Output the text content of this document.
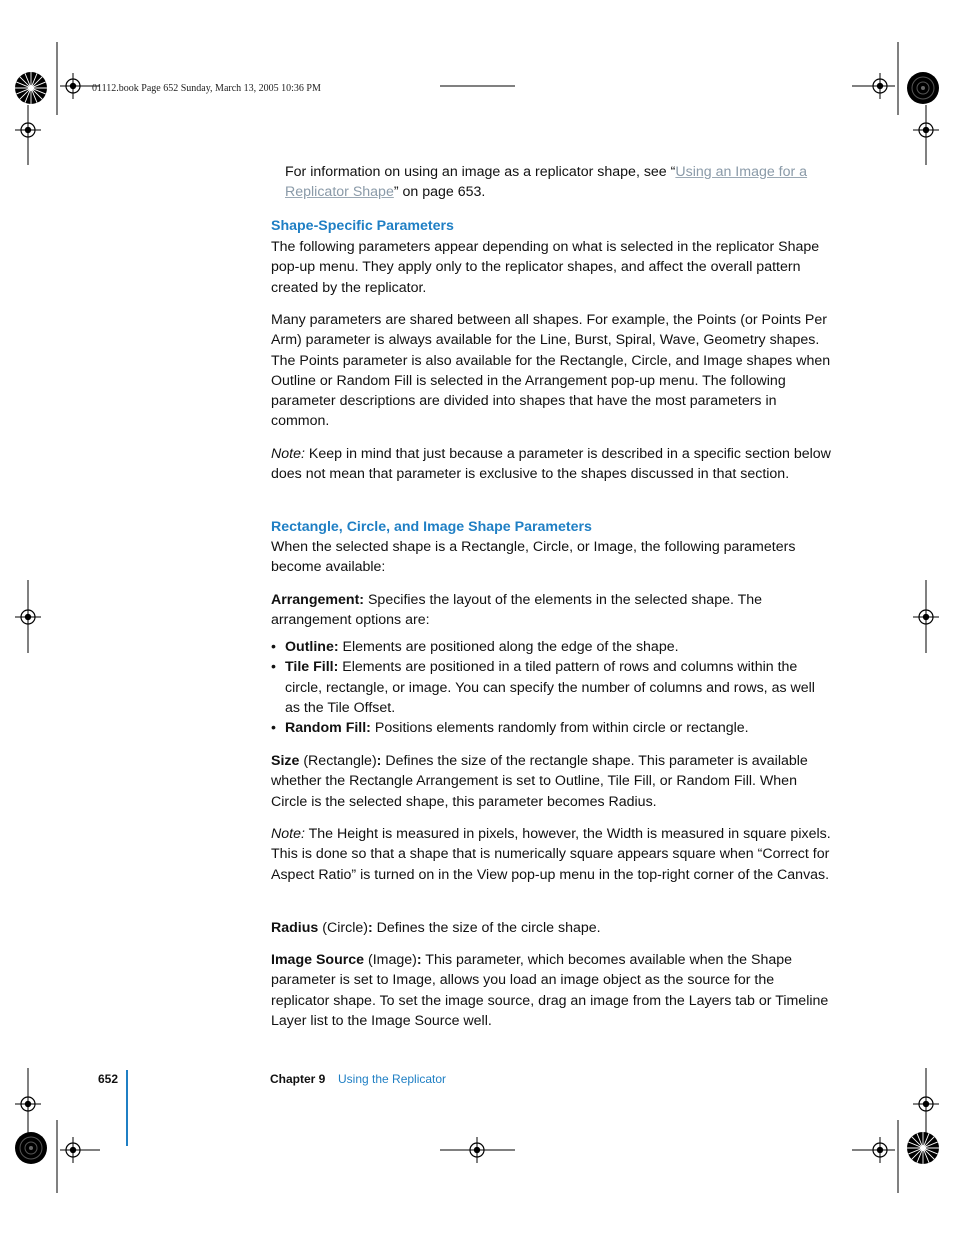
01112.book Page 652 Sunday, March 13, 2005 10:36 PM

For information on using an image as a replicator shape, see “Using an Image for a
Replicator Shape” on page 653.

Shape-Specific Parameters

The following parameters appear depending on what is selected in the replicator Shape pop-up menu. They apply only to the replicator shapes, and affect the overall pattern created by the replicator.

Many parameters are shared between all shapes. For example, the Points (or Points Per Arm) parameter is always available for the Line, Burst, Spiral, Wave, Geometry shapes. The Points parameter is also available for the Rectangle, Circle, and Image shapes when Outline or Random Fill is selected in the Arrangement pop-up menu. The following parameter descriptions are divided into shapes that have the most parameters in common.

Note: Keep in mind that just because a parameter is described in a specific section below does not mean that parameter is exclusive to the shapes discussed in that section.

Rectangle, Circle, and Image Shape Parameters

When the selected shape is a Rectangle, Circle, or Image, the following parameters become available:

Arrangement: Specifies the layout of the elements in the selected shape. The arrangement options are:

• Outline: Elements are positioned along the edge of the shape.
• Tile Fill: Elements are positioned in a tiled pattern of rows and columns within the circle, rectangle, or image. You can specify the number of columns and rows, as well as the Tile Offset.
• Random Fill: Positions elements randomly from within circle or rectangle.

Size (Rectangle): Defines the size of the rectangle shape. This parameter is available whether the Rectangle Arrangement is set to Outline, Tile Fill, or Random Fill. When Circle is the selected shape, this parameter becomes Radius.

Note: The Height is measured in pixels, however, the Width is measured in square pixels. This is done so that a shape that is numerically square appears square when “Correct for Aspect Ratio” is turned on in the View pop-up menu in the top-right corner of the Canvas.

Radius (Circle): Defines the size of the circle shape.

Image Source (Image): This parameter, which becomes available when the Shape parameter is set to Image, allows you load an image object as the source for the replicator shape. To set the image source, drag an image from the Layers tab or Timeline Layer list to the Image Source well.

652	Chapter 9 Using the Replicator
